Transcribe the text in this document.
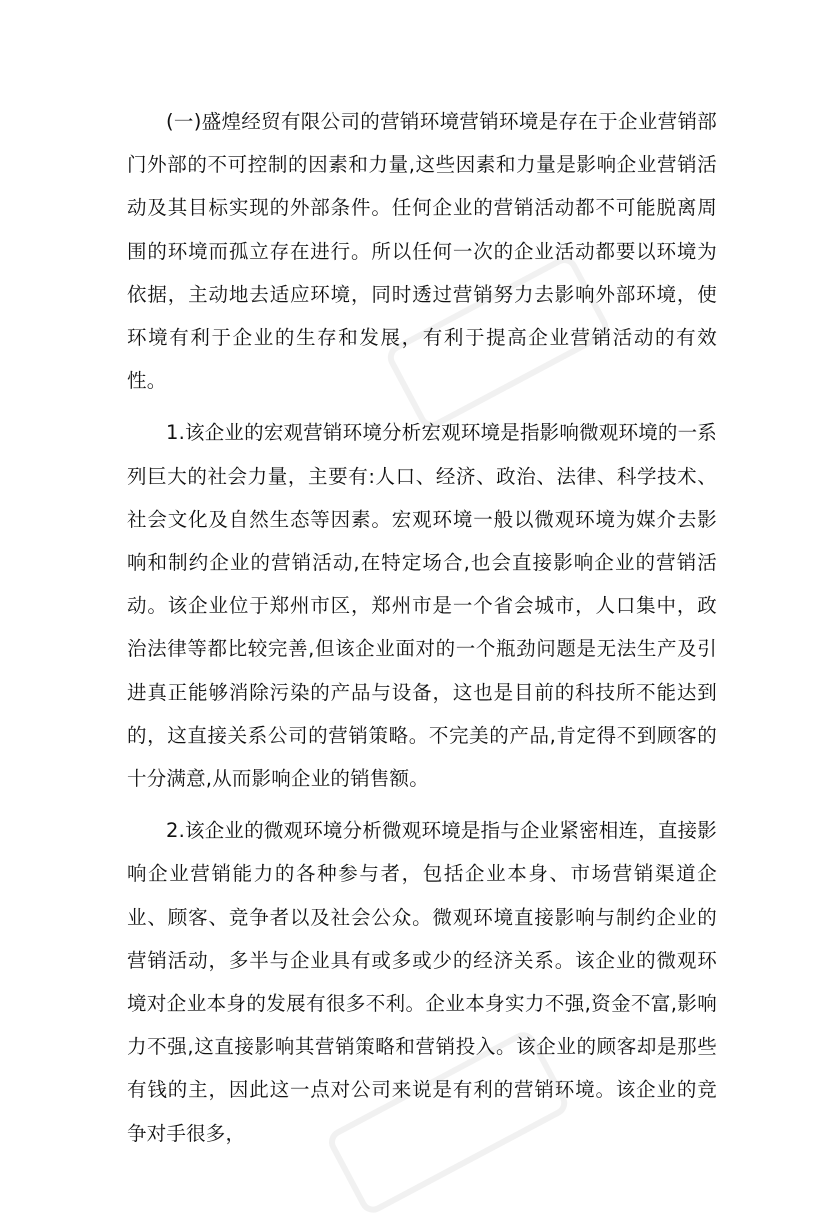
(一)盛煌经贸有限公司的营销环境营销环境是存在于企业营销部门外部的不可控制的因素和力量,这些因素和力量是影响企业营销活动及其目标实现的外部条件。任何企业的营销活动都不可能脱离周围的环境而孤立存在进行。所以任何一次的企业活动都要以环境为依据，主动地去适应环境，同时透过营销努力去影响外部环境，使环境有利于企业的生存和发展，有利于提高企业营销活动的有效性。

1.该企业的宏观营销环境分析宏观环境是指影响微观环境的一系列巨大的社会力量，主要有:人口、经济、政治、法律、科学技术、社会文化及自然生态等因素。宏观环境一般以微观环境为媒介去影响和制约企业的营销活动,在特定场合,也会直接影响企业的营销活动。该企业位于郑州市区，郑州市是一个省会城市，人口集中，政治法律等都比较完善,但该企业面对的一个瓶劲问题是无法生产及引进真正能够消除污染的产品与设备，这也是目前的科技所不能达到的，这直接关系公司的营销策略。不完美的产品,肯定得不到顾客的十分满意,从而影响企业的销售额。

2.该企业的微观环境分析微观环境是指与企业紧密相连，直接影响企业营销能力的各种参与者，包括企业本身、市场营销渠道企业、顾客、竞争者以及社会公众。微观环境直接影响与制约企业的营销活动，多半与企业具有或多或少的经济关系。该企业的微观环境对企业本身的发展有很多不利。企业本身实力不强,资金不富,影响力不强,这直接影响其营销策略和营销投入。该企业的顾客却是那些有钱的主，因此这一点对公司来说是有利的营销环境。该企业的竞争对手很多，
